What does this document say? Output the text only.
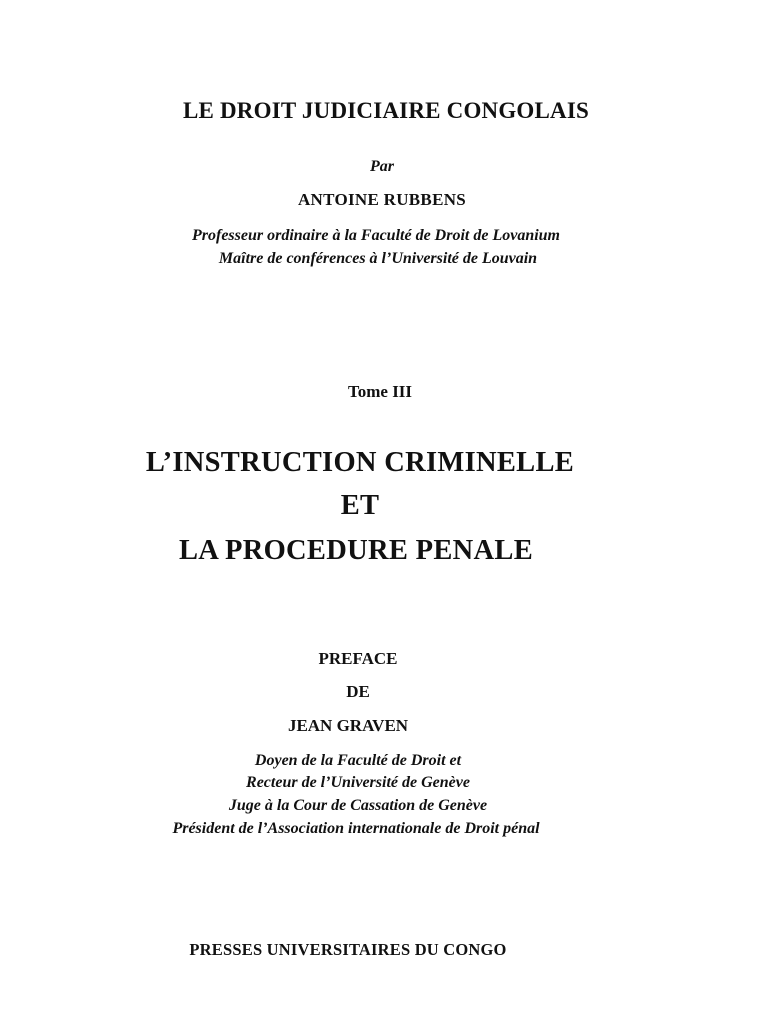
LE DROIT JUDICIAIRE CONGOLAIS
Par
ANTOINE RUBBENS
Professeur ordinaire à la Faculté de Droit de Lovanium
Maître de conférences à l’Université de Louvain
Tome III
L’INSTRUCTION CRIMINELLE
ET
LA PROCEDURE PENALE
PREFACE
DE
JEAN GRAVEN
Doyen de la Faculté de Droit et
Recteur de l’Université de Genève
Juge à la Cour de Cassation de Genève
Président de l’Association internationale de Droit pénal
PRESSES UNIVERSITAIRES DU CONGO
